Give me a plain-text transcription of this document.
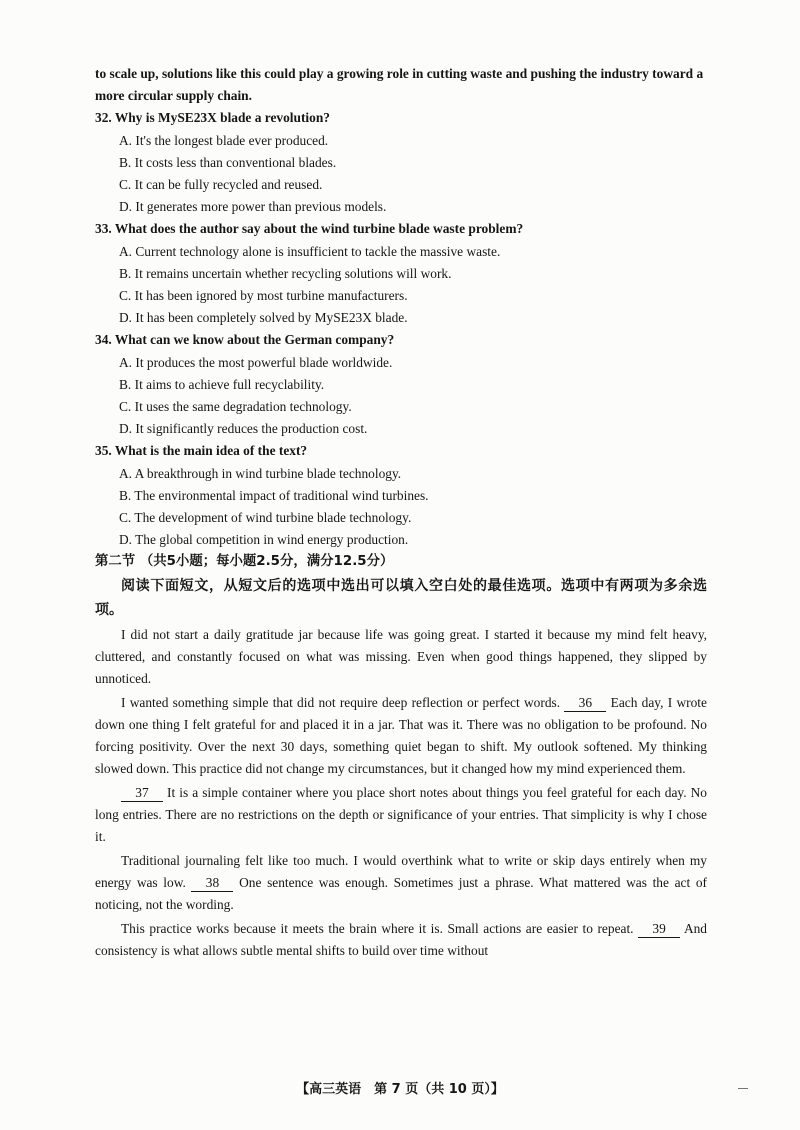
to scale up, solutions like this could play a growing role in cutting waste and pushing the industry toward a more circular supply chain.

32. Why is MySE23X blade a revolution?

A. It's the longest blade ever produced.

B. It costs less than conventional blades.

C. It can be fully recycled and reused.

D. It generates more power than previous models.

33. What does the author say about the wind turbine blade waste problem?

A. Current technology alone is insufficient to tackle the massive waste.

B. It remains uncertain whether recycling solutions will work.

C. It has been ignored by most turbine manufacturers.

D. It has been completely solved by MySE23X blade.

34. What can we know about the German company?

A. It produces the most powerful blade worldwide.

B. It aims to achieve full recyclability.

C. It uses the same degradation technology.

D. It significantly reduces the production cost.

35. What is the main idea of the text?

A. A breakthrough in wind turbine blade technology.

B. The environmental impact of traditional wind turbines.

C. The development of wind turbine blade technology.

D. The global competition in wind energy production.

第二节 （共5小题；每小题2.5分，满分12.5分）

阅读下面短文，从短文后的选项中选出可以填入空白处的最佳选项。选项中有两项为多余选项。

I did not start a daily gratitude jar because life was going great. I started it because my mind felt heavy, cluttered, and constantly focused on what was missing. Even when good things happened, they slipped by unnoticed.

I wanted something simple that did not require deep reflection or perfect words. 36 Each day, I wrote down one thing I felt grateful for and placed it in a jar. That was it. There was no obligation to be profound. No forcing positivity. Over the next 30 days, something quiet began to shift. My outlook softened. My thinking slowed down. This practice did not change my circumstances, but it changed how my mind experienced them.

37 It is a simple container where you place short notes about things you feel grateful for each day. No long entries. There are no restrictions on the depth or significance of your entries. That simplicity is why I chose it.

Traditional journaling felt like too much. I would overthink what to write or skip days entirely when my energy was low. 38 One sentence was enough. Sometimes just a phrase. What mattered was the act of noticing, not the wording.

This practice works because it meets the brain where it is. Small actions are easier to repeat. 39 And consistency is what allows subtle mental shifts to build over time without

【高三英语　第 7 页（共 10 页）】
